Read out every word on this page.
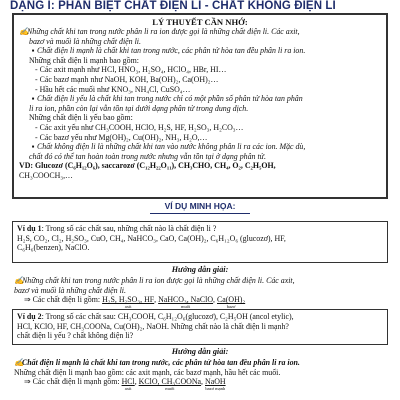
DẠNG I: PHÂN BIỆT CHẤT ĐIỆN LI - CHẤT KHÔNG ĐIỆN LI
LÝ THUYẾT CẦN NHỚ:
✍Những chất khi tan trong nước phân li ra ion được gọi là những chất điện li. Các axit,
bazơ và muối là những chất điện li.
▪ Chất điện li mạnh là chất khi tan trong nước, các phân tử hòa tan đều phân li ra ion.
Những chất điện li mạnh bao gồm:
- Các axit mạnh như HCl, HNO₃, H₂SO₄, HClO₄, HBr, HI…
- Các bazơ mạnh như NaOH, KOH, Ba(OH)₂, Ca(OH)₂…
- Hầu hết các muối như KNO₃, NH₄Cl, CuSO₄…
▪ Chất điện li yếu là chất khi tan trong nước chỉ có một phần số phân tử hòa tan phân
li ra ion, phần còn lại vẫn tồn tại dưới dạng phân tử trong dung dịch.
Những chất điện li yếu bao gồm:
- Các axit yếu như CH₃COOH, HClO, H₂S, HF, H₂SO₃, H₂CO₃…
- Các bazơ yếu như Mg(OH)₂, Cu(OH)₂, NH₃, H₂O,…
▪ Chất không điện li là những chất khi tan vào nước không phân li ra các ion. Mặc dù,
chất đó có thể tan hoàn toàn trong nước nhưng vẫn tồn tại ở dạng phân tử.
VD: Glucozơ (C₆H₁₂O₆), saccarozơ (C₁₂H₂₂O₁₁), CH₃CHO, CH₄, O₂, C₂H₅OH,
CH₃COOCH₃,…
VÍ DỤ MINH HỌA:
Ví dụ 1: Trong số các chất sau, những chất nào là chất điện li ?
H₂S, CO₂, Cl₂, H₂SO₃, CuO, CH₄, NaHCO₃, CaO, Ca(OH)₂, C₆H₁₂O₆ (glucozơ), HF,
C₆H₆(benzen), NaClO.
Hướng dẫn giải:
✍Những chất khi tan trong nước phân li ra ion được gọi là những chất điện li. Các axit,
bazơ và muối là những chất điện li.
⇒ Các chất điện li gồm: H₂S, H₂SO₃, HF
axit
, NaHCO₃, NaClO
muối
, Ca(OH)₂
bazơ
Ví dụ 2: Trong số các chất sau: CH₃COOH, C₆H₁₂O₆(glucozơ), C₂H₅OH (ancol etylic),
HCl, KClO, HF, CH₃COONa, Cu(OH)₂, NaOH. Những chất nào là chất điện li mạnh?
chất điện li yếu ? chất không điện li?
Hướng dẫn giải:
✍Chất điện li mạnh là chất khi tan trong nước, các phân tử hòa tan đều phân li ra ion.
Những chất điện li mạnh bao gồm: các axit mạnh, các bazơ mạnh, hầu hết các muối.
⇒ Các chất điện li mạnh gồm: HCl
axit
, KClO, CH₃COONa
muối
, NaOH
bazơ mạnh
